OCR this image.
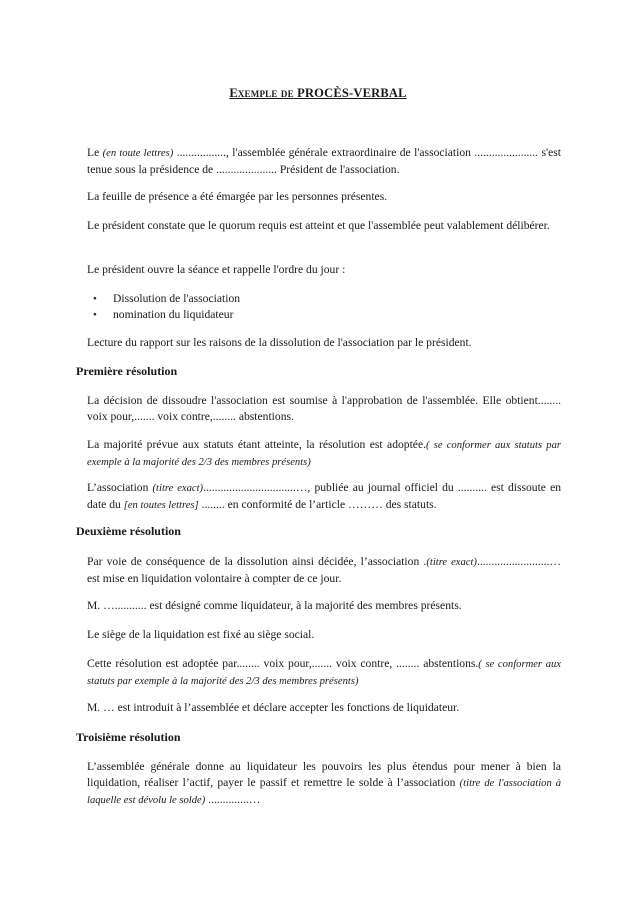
Exemple de PROCÈS-VERBAL
Le (en toute lettres) ................., l'assemblée générale extraordinaire de l'association ...................... s'est tenue sous la présidence de ..................... Président de l'association.
La feuille de présence a été émargée par les personnes présentes.
Le président constate que le quorum requis est atteint et que l'assemblée peut valablement délibérer.
Le président ouvre la séance et rappelle l'ordre du jour :
•	Dissolution de l'association
•	nomination du liquidateur
Lecture du rapport sur les raisons de la dissolution de l'association par le président.
Première résolution
La décision de dissoudre l'association est soumise à l'approbation de l'assemblée. Elle obtient........ voix pour,....... voix contre,........ abstentions.
La majorité prévue aux statuts étant atteinte, la résolution est adoptée.( se conformer aux statuts par exemple à la majorité des 2/3 des membres présents)
L’association (titre exact)................................…, publiée au journal officiel du .......... est dissoute en date du [en toutes lettres] ........ en conformité de l’article ……… des statuts.
Deuxième résolution
Par voie de conséquence de la dissolution ainsi décidée, l’association .(titre exact).........................… est mise en liquidation volontaire à compter de ce jour.
M. …........... est désigné comme liquidateur, à la majorité des membres présents.
Le siège de la liquidation est fixé au siège social.
Cette résolution est adoptée par........ voix pour,....... voix contre, ........ abstentions.( se conformer aux statuts par exemple à la majorité des 2/3 des membres présents)
M. … est introduit à l’assemblée et déclare accepter les fonctions de liquidateur.
Troisième résolution
L’assemblée générale donne au liquidateur les pouvoirs les plus étendus pour mener à bien la liquidation, réaliser l’actif, payer le passif et remettre le solde à l’association (titre de l'association à laquelle est dévolu le solde) ..............…
